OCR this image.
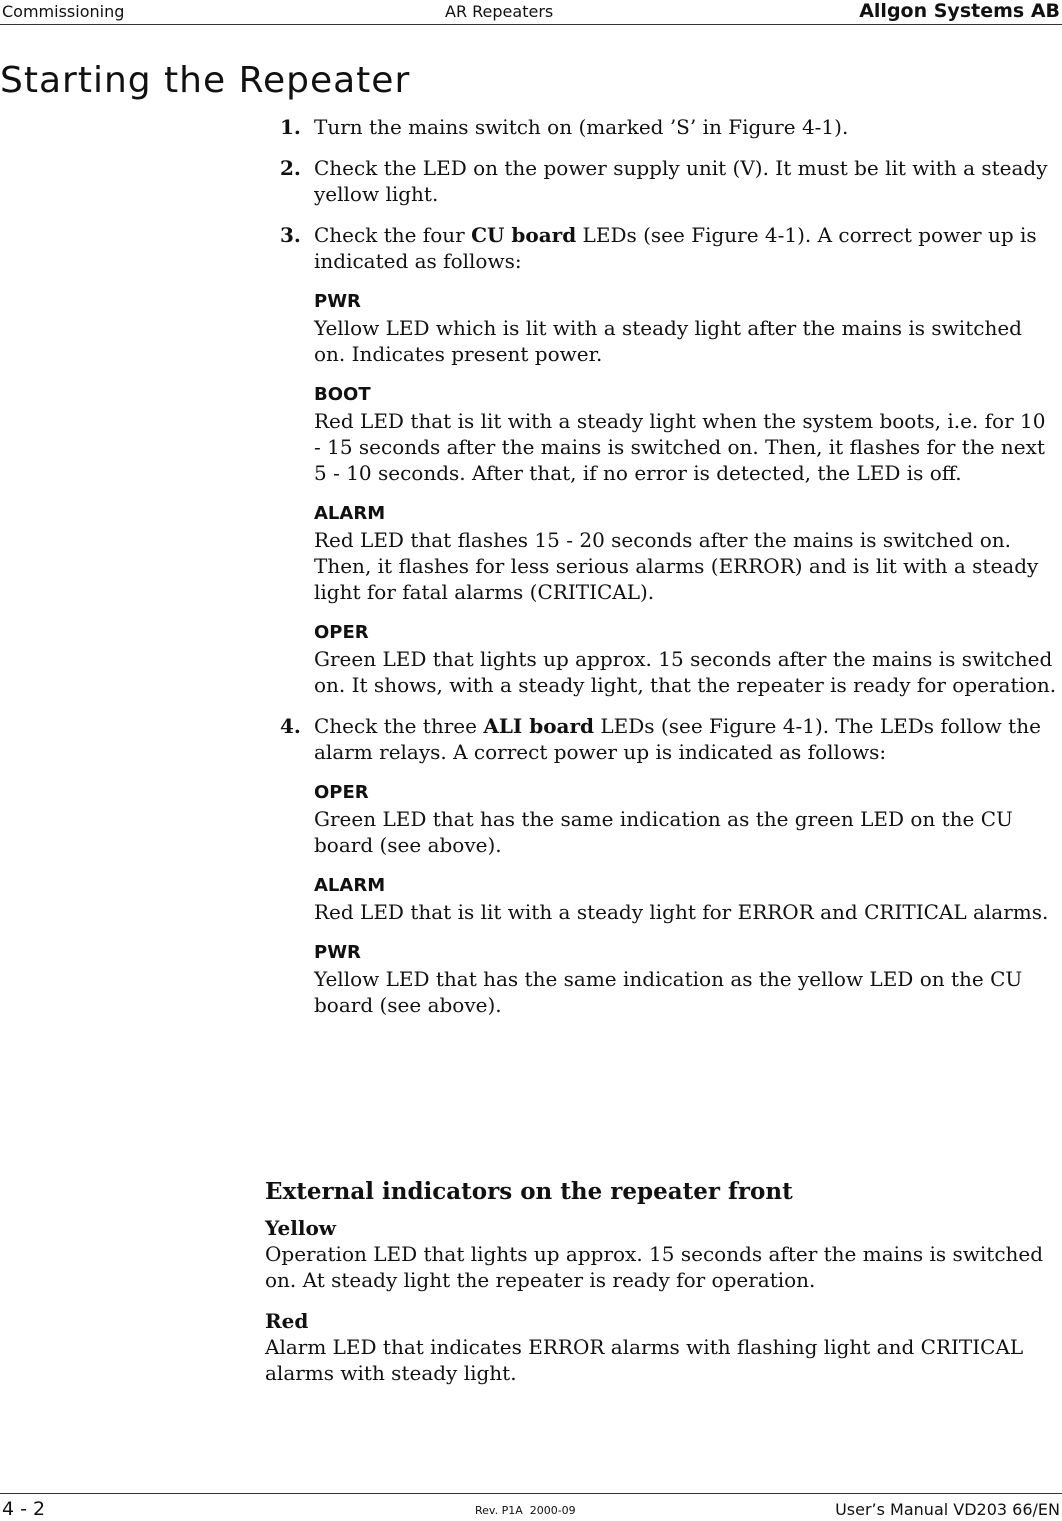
Commissioning	AR Repeaters	Allgon Systems AB
Starting the Repeater
1. Turn the mains switch on (marked ’S’ in Figure 4-1).

2. Check the LED on the power supply unit (V). It must be lit with a steady yellow light.

3. Check the four CU board LEDs (see Figure 4-1). A correct power up is indicated as follows:

PWR
Yellow LED which is lit with a steady light after the mains is switched on. Indicates present power.
BOOT
Red LED that is lit with a steady light when the system boots, i.e. for 10 - 15 seconds after the mains is switched on. Then, it flashes for the next 5 - 10 seconds. After that, if no error is detected, the LED is off.
ALARM
Red LED that flashes 15 - 20 seconds after the mains is switched on. Then, it flashes for less serious alarms (ERROR) and is lit with a steady light for fatal alarms (CRITICAL).
OPER
Green LED that lights up approx. 15 seconds after the mains is switched on. It shows, with a steady light, that the repeater is ready for operation.
4. Check the three ALI board LEDs (see Figure 4-1). The LEDs follow the alarm relays. A correct power up is indicated as follows:

OPER
Green LED that has the same indication as the green LED on the CU board (see above).
ALARM
Red LED that is lit with a steady light for ERROR and CRITICAL alarms.
PWR
Yellow LED that has the same indication as the yellow LED on the CU board (see above).
External indicators on the repeater front
Yellow
Operation LED that lights up approx. 15 seconds after the mains is switched on. At steady light the repeater is ready for operation.
Red
Alarm LED that indicates ERROR alarms with flashing light and CRITICAL alarms with steady light.
4 - 2	Rev. P1A  2000-09	User’s Manual VD203 66/EN
